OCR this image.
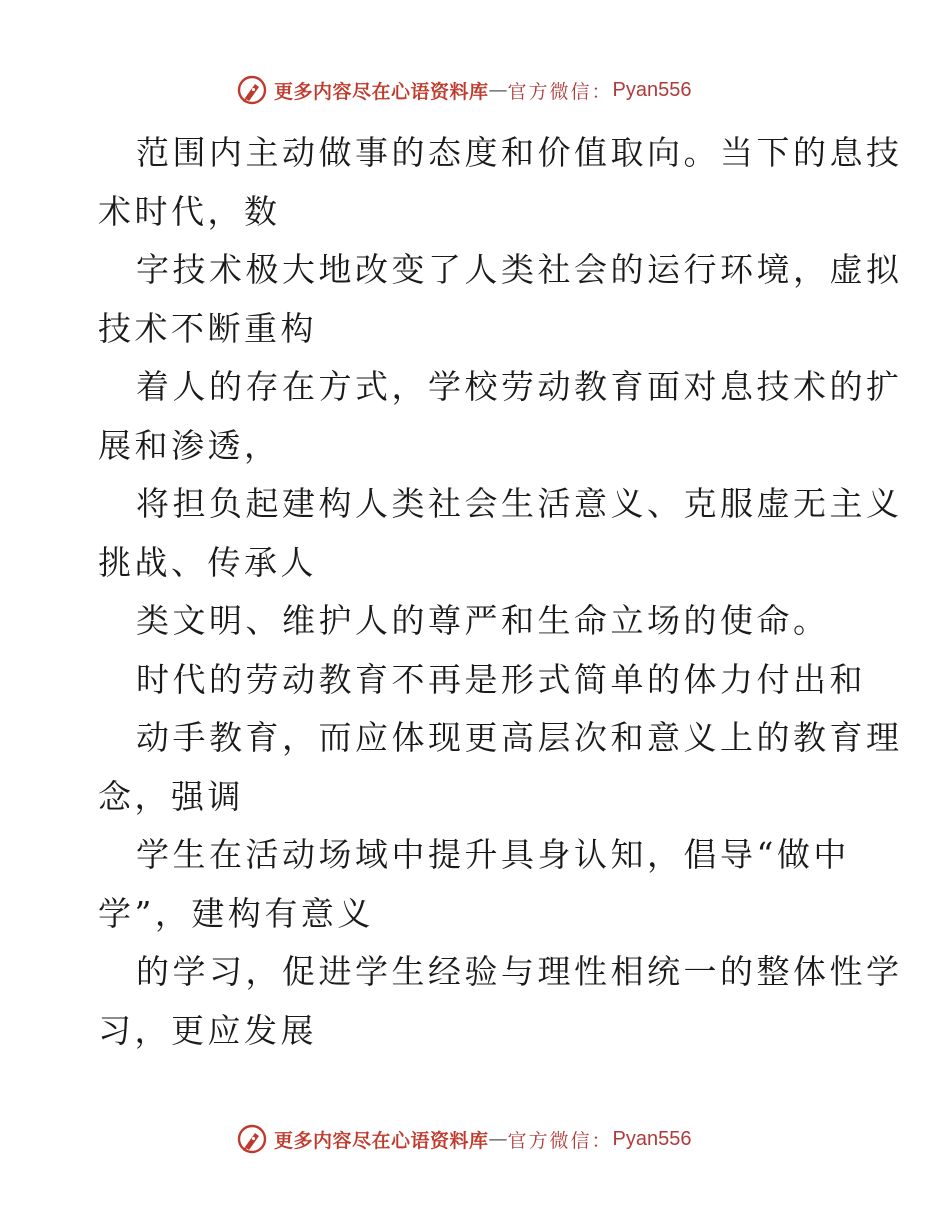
更多内容尽在心语资料库 — 官方微信： Pyan556
范围内主动做事的态度和价值取向。当下的息技
术时代，数
字技术极大地改变了人类社会的运行环境，虚拟
技术不断重构
着人的存在方式，学校劳动教育面对息技术的扩
展和渗透，
将担负起建构人类社会生活意义、克服虚无主义
挑战、传承人
类文明、维护人的尊严和生命立场的使命。
时代的劳动教育不再是形式简单的体力付出和
动手教育，而应体现更高层次和意义上的教育理
念，强调
学生在活动场域中提升具身认知，倡导“做中
学”，建构有意义
的学习，促进学生经验与理性相统一的整体性学
习，更应发展
更多内容尽在心语资料库 — 官方微信： Pyan556
